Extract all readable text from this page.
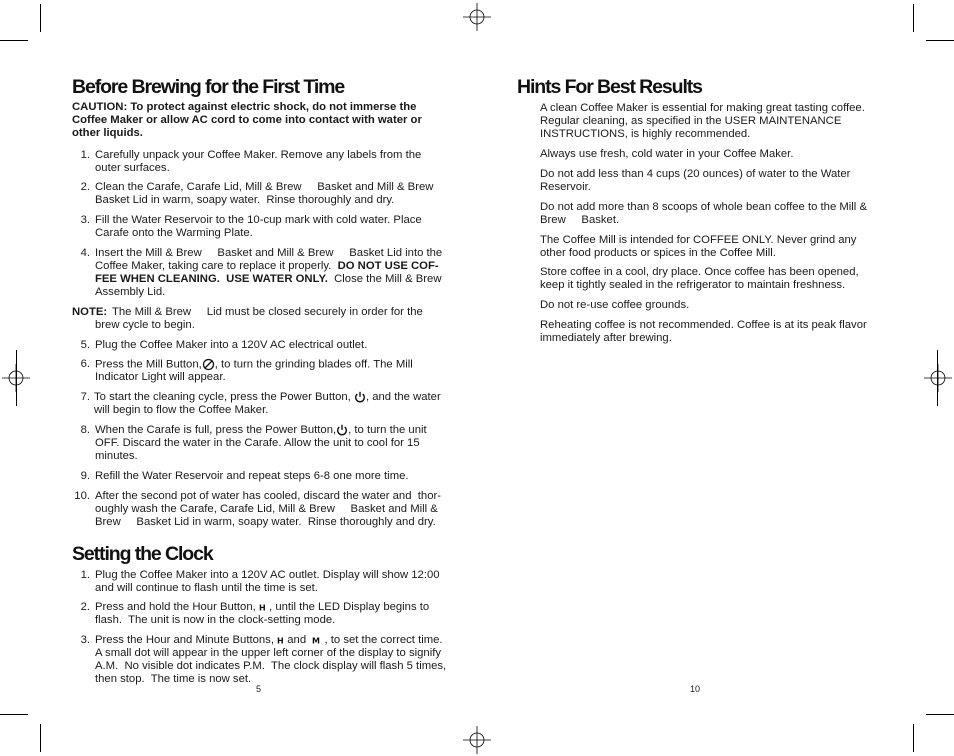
Before Brewing for the First Time

CAUTION: To protect against electric shock, do not immerse the Coffee Maker or allow AC cord to come into contact with water or other liquids.

1. Carefully unpack your Coffee Maker. Remove any labels from the outer surfaces.
2. Clean the Carafe, Carafe Lid, Mill & Brew     Basket and Mill & Brew     Basket Lid in warm, soapy water.  Rinse thoroughly and dry.
3. Fill the Water Reservoir to the 10-cup mark with cold water. Place Carafe onto the Warming Plate.
4. Insert the Mill & Brew     Basket and Mill & Brew     Basket Lid into the Coffee Maker, taking care to replace it properly.  DO NOT USE COF-FEE WHEN CLEANING.  USE WATER ONLY.  Close the Mill & Brew     Assembly Lid.
NOTE: The Mill & Brew     Lid must be closed securely in order for the brew cycle to begin.
5. Plug the Coffee Maker into a 120V AC electrical outlet.
6. Press the Mill Button, , to turn the grinding blades off. The Mill Indicator Light will appear.
7. To start the cleaning cycle, press the Power Button, , and the water will begin to flow the Coffee Maker.
8. When the Carafe is full, press the Power Button, , to turn the unit OFF. Discard the water in the Carafe. Allow the unit to cool for 15 minutes.
9. Refill the Water Reservoir and repeat steps 6-8 one more time.
10. After the second pot of water has cooled, discard the water and  thor-oughly wash the Carafe, Carafe Lid, Mill & Brew     Basket and Mill & Brew     Basket Lid in warm, soapy water.  Rinse thoroughly and dry.
Setting the Clock
1. Plug the Coffee Maker into a 120V AC outlet. Display will show 12:00 and will continue to flash until the time is set.
2. Press and hold the Hour Button, H , until the LED Display begins to flash.  The unit is now in the clock-setting mode.
3. Press the Hour and Minute Buttons, H and M , to set the correct time.  A small dot will appear in the upper left corner of the display to signify A.M.  No visible dot indicates P.M.  The clock display will flash 5 times, then stop.  The time is now set.
5
Hints For Best Results
A clean Coffee Maker is essential for making great tasting coffee. Regular cleaning, as specified in the USER MAINTENANCE INSTRUCTIONS, is highly recommended.
Always use fresh, cold water in your Coffee Maker.
Do not add less than 4 cups (20 ounces) of water to the Water Reservoir.
Do not add more than 8 scoops of whole bean coffee to the Mill & Brew     Basket.
The Coffee Mill is intended for COFFEE ONLY. Never grind any other food products or spices in the Coffee Mill.
Store coffee in a cool, dry place. Once coffee has been opened, keep it tightly sealed in the refrigerator to maintain freshness.
Do not re-use coffee grounds.
Reheating coffee is not recommended. Coffee is at its peak flavor immediately after brewing.
10
